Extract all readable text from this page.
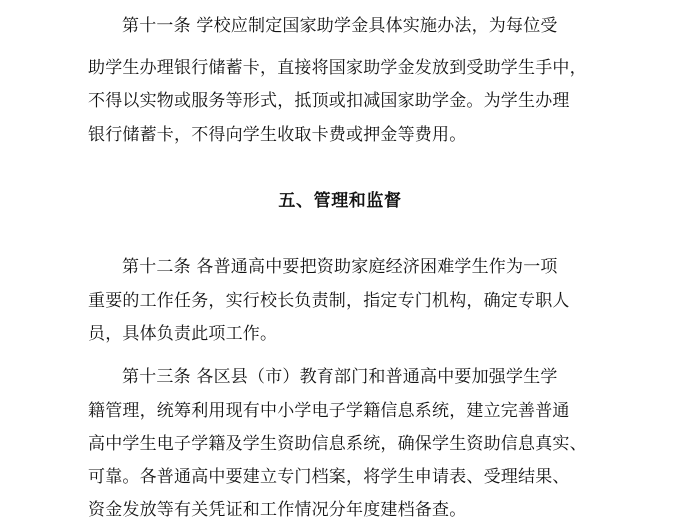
第十一条 学校应制定国家助学金具体实施办法，为每位受
助学生办理银行储蓄卡，直接将国家助学金发放到受助学生手中，
不得以实物或服务等形式，抵顶或扣减国家助学金。为学生办理
银行储蓄卡，不得向学生收取卡费或押金等费用。
五、管理和监督
第十二条 各普通高中要把资助家庭经济困难学生作为一项
重要的工作任务，实行校长负责制，指定专门机构，确定专职人
员，具体负责此项工作。
第十三条 各区县（市）教育部门和普通高中要加强学生学
籍管理，统筹利用现有中小学电子学籍信息系统，建立完善普通
高中学生电子学籍及学生资助信息系统，确保学生资助信息真实、
可靠。各普通高中要建立专门档案，将学生申请表、受理结果、
资金发放等有关凭证和工作情况分年度建档备查。
